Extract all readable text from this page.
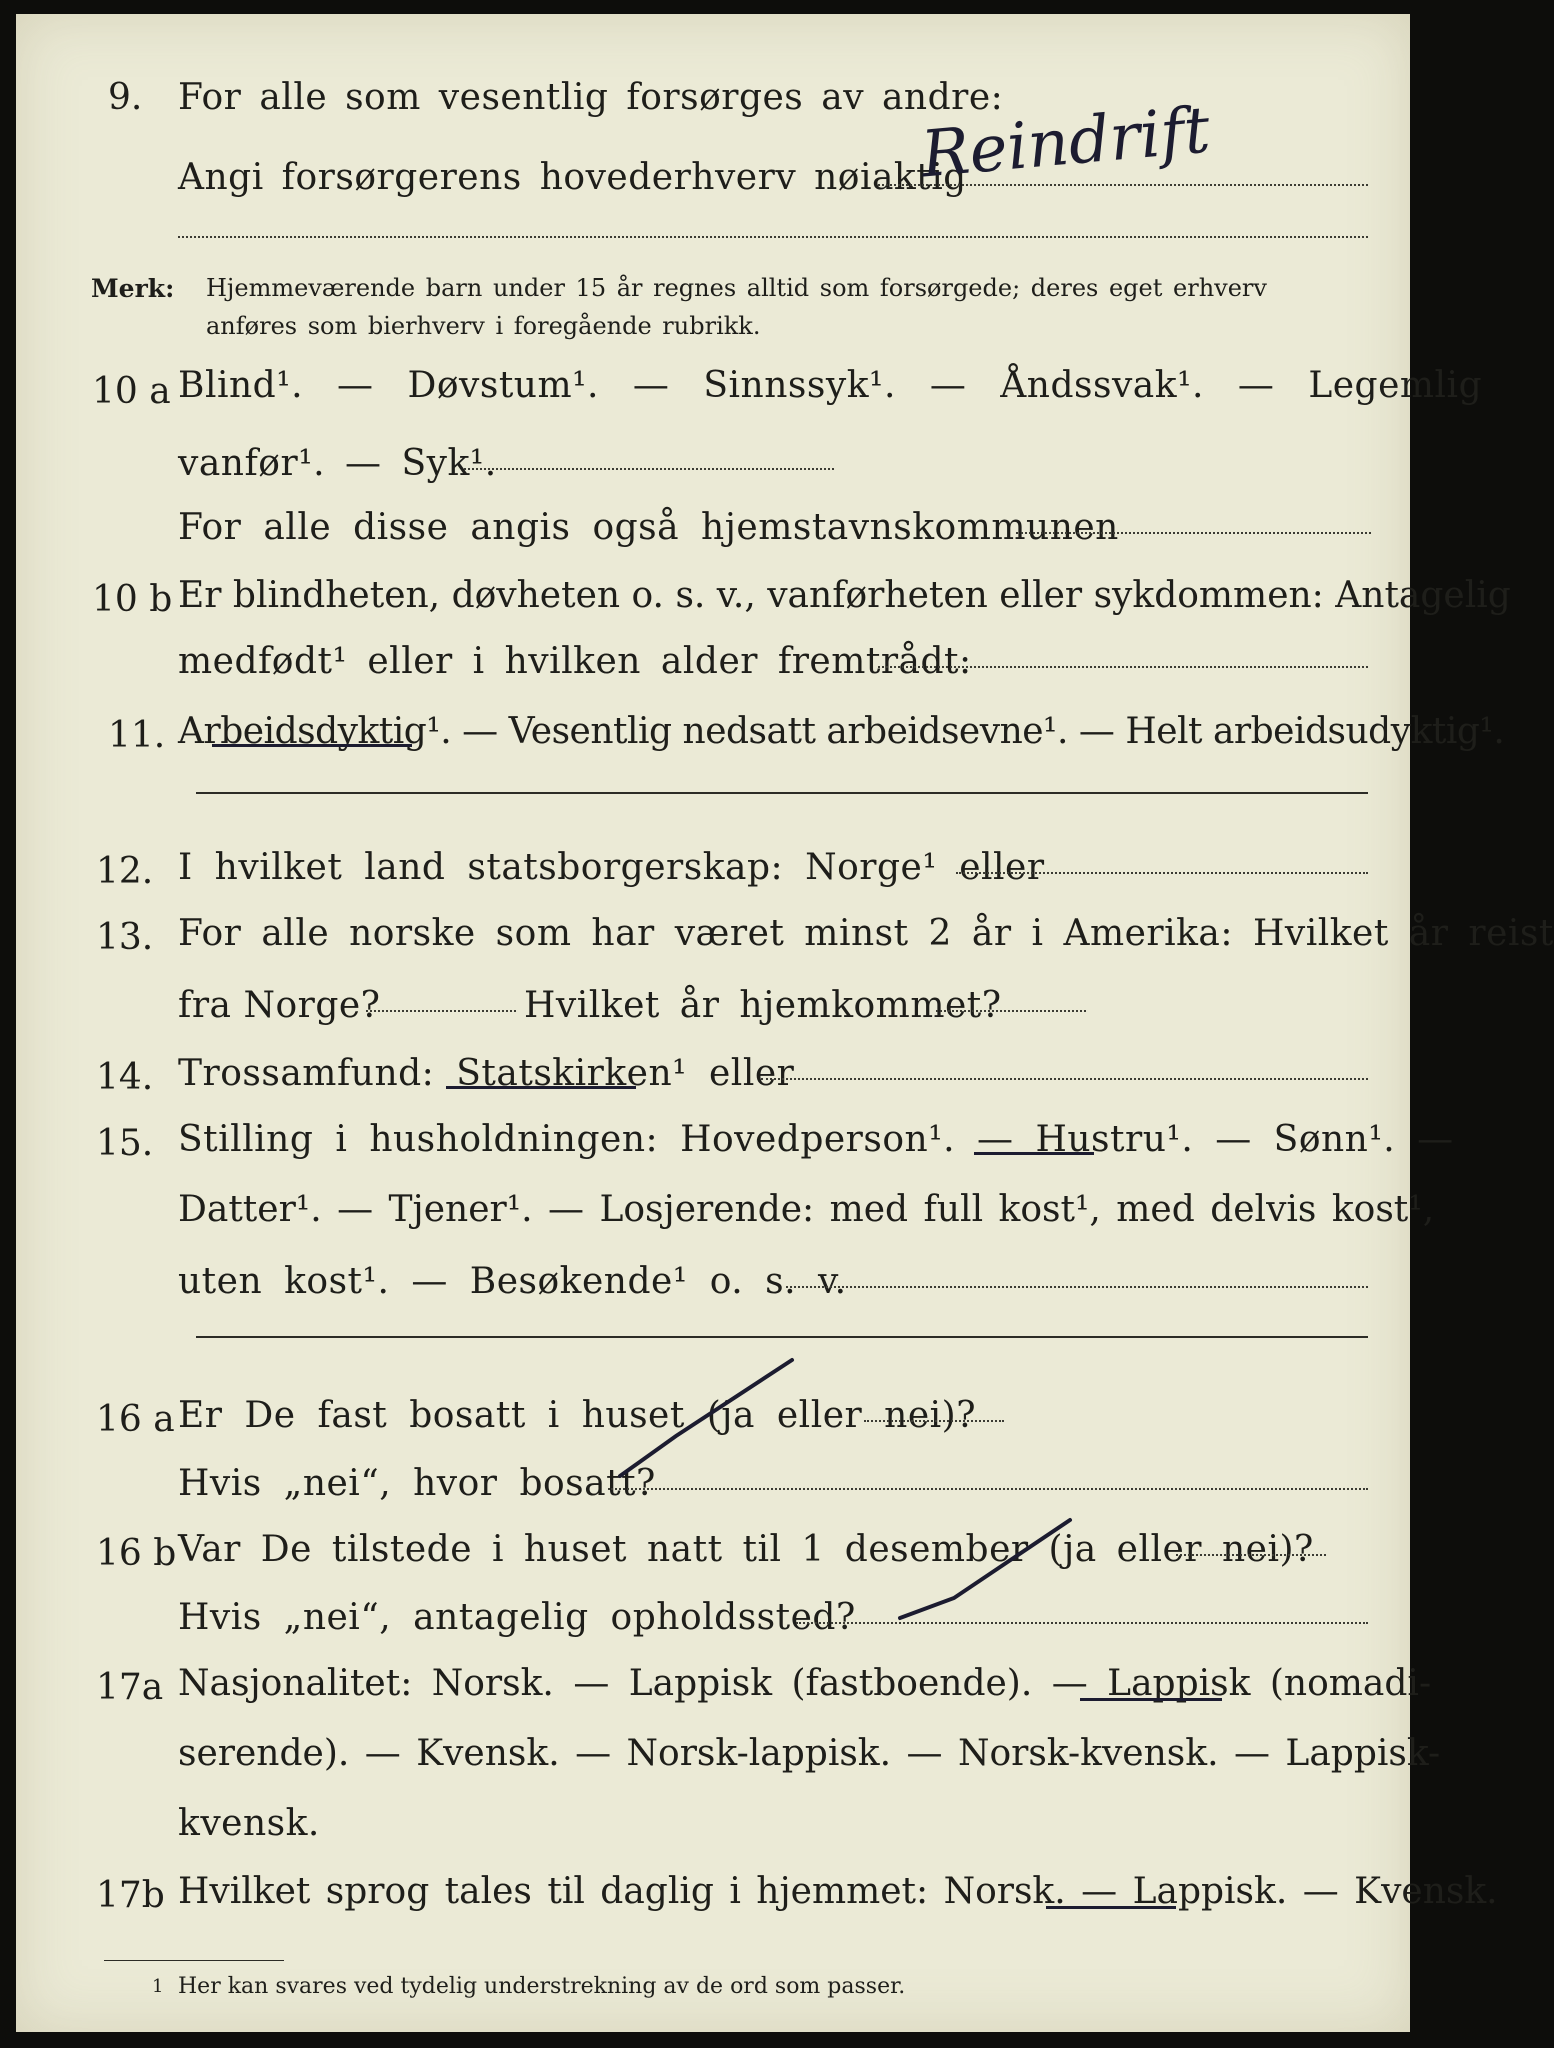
9. For alle som vesentlig forsørges av andre:
Angi forsørgerens hovederhverv nøiaktig
Reindrift
Merk: Hjemmeværende barn under 15 år regnes alltid som forsørgede; deres eget erhverv
anføres som bierhverv i foregående rubrikk.
10 a Blind¹. — Døvstum¹. — Sinnssyk¹. — Åndssvak¹. — Legemlig
vanfør¹. — Syk¹.
For alle disse angis også hjemstavnskommunen
10 b Er blindheten, døvheten o. s. v., vanførheten eller sykdommen: Antagelig
medfødt¹ eller i hvilken alder fremtrådt:
11. Arbeidsdyktig¹. — Vesentlig nedsatt arbeidsevne¹. — Helt arbeidsudyktig¹.
12. I hvilket land statsborgerskap: Norge¹ eller
13. For alle norske som har været minst 2 år i Amerika: Hvilket år reist
fra Norge?	Hvilket år hjemkommet?
14. Trossamfund: Statskirken¹ eller
15. Stilling i husholdningen: Hovedperson¹. — Hustru¹. — Sønn¹. —
Datter¹. — Tjener¹. — Losjerende: med full kost¹, med delvis kost¹,
uten kost¹. — Besøkende¹ o. s. v.
16 a Er De fast bosatt i huset (ja eller nei)?
Hvis „nei“, hvor bosatt?
16 b Var De tilstede i huset natt til 1 desember (ja eller nei)?
Hvis „nei“, antagelig opholdssted?
17a Nasjonalitet: Norsk. — Lappisk (fastboende). — Lappisk (nomadi-
serende). — Kvensk. — Norsk-lappisk. — Norsk-kvensk. — Lappisk-
kvensk.
17b Hvilket sprog tales til daglig i hjemmet: Norsk. — Lappisk. — Kvensk.
1 Her kan svares ved tydelig understrekning av de ord som passer.
